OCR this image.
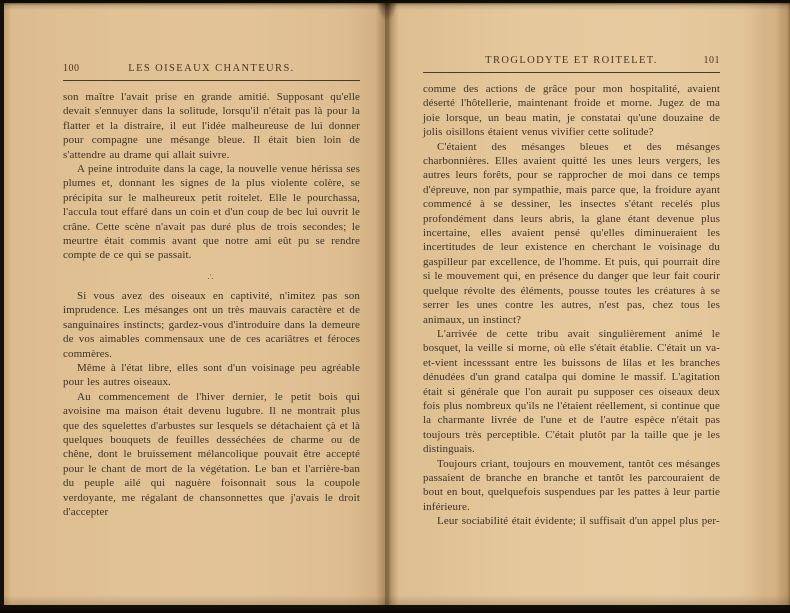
100	LES OISEAUX CHANTEURS.

son maître l'avait prise en grande amitié. Supposant qu'elle devait s'ennuyer dans la solitude, lorsqu'il n'était pas là pour la flatter et la distraire, il eut l'idée malheureuse de lui donner pour compagne une mésange bleue. Il était bien loin de s'attendre au drame qui allait suivre.

A peine introduite dans la cage, la nouvelle venue hérissa ses plumes et, donnant les signes de la plus violente colère, se précipita sur le malheureux petit roitelet. Elle le pourchassa, l'accula tout effaré dans un coin et d'un coup de bec lui ouvrit le crâne. Cette scène n'avait pas duré plus de trois secondes; le meurtre était commis avant que notre ami eût pu se rendre compte de ce qui se passait.

∴

Si vous avez des oiseaux en captivité, n'imitez pas son imprudence. Les mésanges ont un très mauvais caractère et de sanguinaires instincts; gardez-vous d'introduire dans la demeure de vos aimables commensaux une de ces acariâtres et féroces commères.

Même à l'état libre, elles sont d'un voisinage peu agréable pour les autres oiseaux.

Au commencement de l'hiver dernier, le petit bois qui avoisine ma maison était devenu lugubre. Il ne montrait plus que des squelettes d'arbustes sur lesquels se détachaient çà et là quelques bouquets de feuilles desséchées de charme ou de chêne, dont le bruissement mélancolique pouvait être accepté pour le chant de mort de la végétation. Le ban et l'arrière-ban du peuple ailé qui naguère foisonnait sous la coupole verdoyante, me régalant de chansonnettes que j'avais le droit d'accepter

TROGLODYTE ET ROITELET.	101

comme des actions de grâce pour mon hospitalité, avaient déserté l'hôtellerie, maintenant froide et morne. Jugez de ma joie lorsque, un beau matin, je constatai qu'une douzaine de jolis oisillons étaient venus vivifier cette solitude?

C'étaient des mésanges bleues et des mésanges charbonnières. Elles avaient quitté les unes leurs vergers, les autres leurs forêts, pour se rapprocher de moi dans ce temps d'épreuve, non par sympathie, mais parce que, la froidure ayant commencé à se dessiner, les insectes s'étant recelés plus profondément dans leurs abris, la glane étant devenue plus incertaine, elles avaient pensé qu'elles diminueraient les incertitudes de leur existence en cherchant le voisinage du gaspilleur par excellence, de l'homme. Et puis, qui pourrait dire si le mouvement qui, en présence du danger que leur fait courir quelque révolte des éléments, pousse toutes les créatures à se serrer les unes contre les autres, n'est pas, chez tous les animaux, un instinct?

L'arrivée de cette tribu avait singulièrement animé le bosquet, la veille si morne, où elle s'était établie. C'était un va-et-vient incesssant entre les buissons de lilas et les branches dénudées d'un grand catalpa qui domine le massif. L'agitation était si générale que l'on aurait pu supposer ces oiseaux deux fois plus nombreux qu'ils ne l'étaient réellement, si continue que la charmante livrée de l'une et de l'autre espèce n'était pas toujours très perceptible. C'était plutôt par la taille que je les distinguais.

Toujours criant, toujours en mouvement, tantôt ces mésanges passaient de branche en branche et tantôt les parcouraient de bout en bout, quelquefois suspendues par les pattes à leur partie inférieure.

Leur sociabilité était évidente; il suffisait d'un appel plus per-
